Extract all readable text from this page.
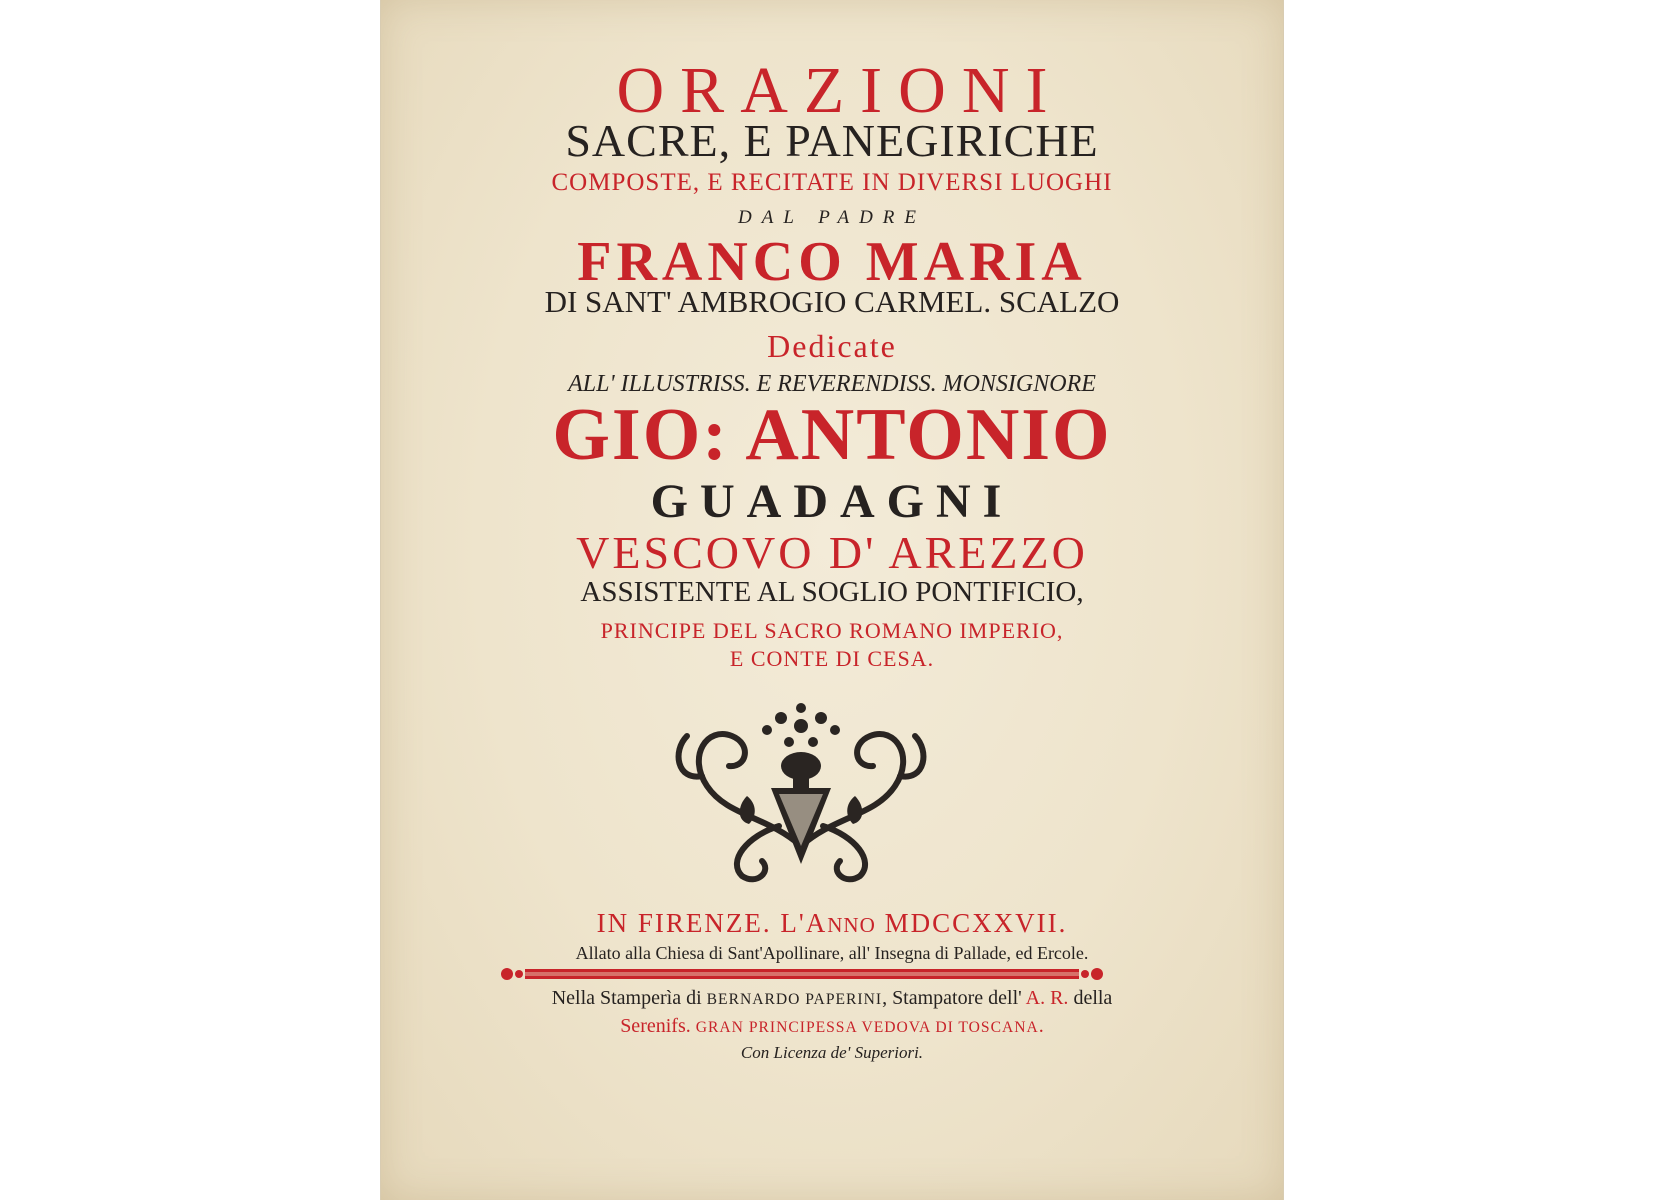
ORAZIONI
SACRE, E PANEGIRICHE
COMPOSTE, E RECITATE IN DIVERSI LUOGHI
DAL PADRE
FRANCO MARIA
DI SANT' AMBROGIO CARMEL. SCALZO
Dedicate
ALL' ILLUSTRISS. E REVERENDISS. MONSIGNORE
GIO: ANTONIO
GUADAGNI
VESCOVO D' AREZZO
ASSISTENTE AL SOGLIO PONTIFICIO,
PRINCIPE DEL SACRO ROMANO IMPERIO,
E CONTE DI CESA.
IN FIRENZE. L'ANNO MDCCXXVII.
Allato alla Chiesa di Sant'Apollinare, all' Insegna di Pallade, ed Ercole.
Nella Stamperìa di BERNARDO PAPERINI, Stampatore dell' A. R. della
Serenifs. GRAN PRINCIPESSA VEDOVA DI TOSCANA.
Con Licenza de' Superiori.
